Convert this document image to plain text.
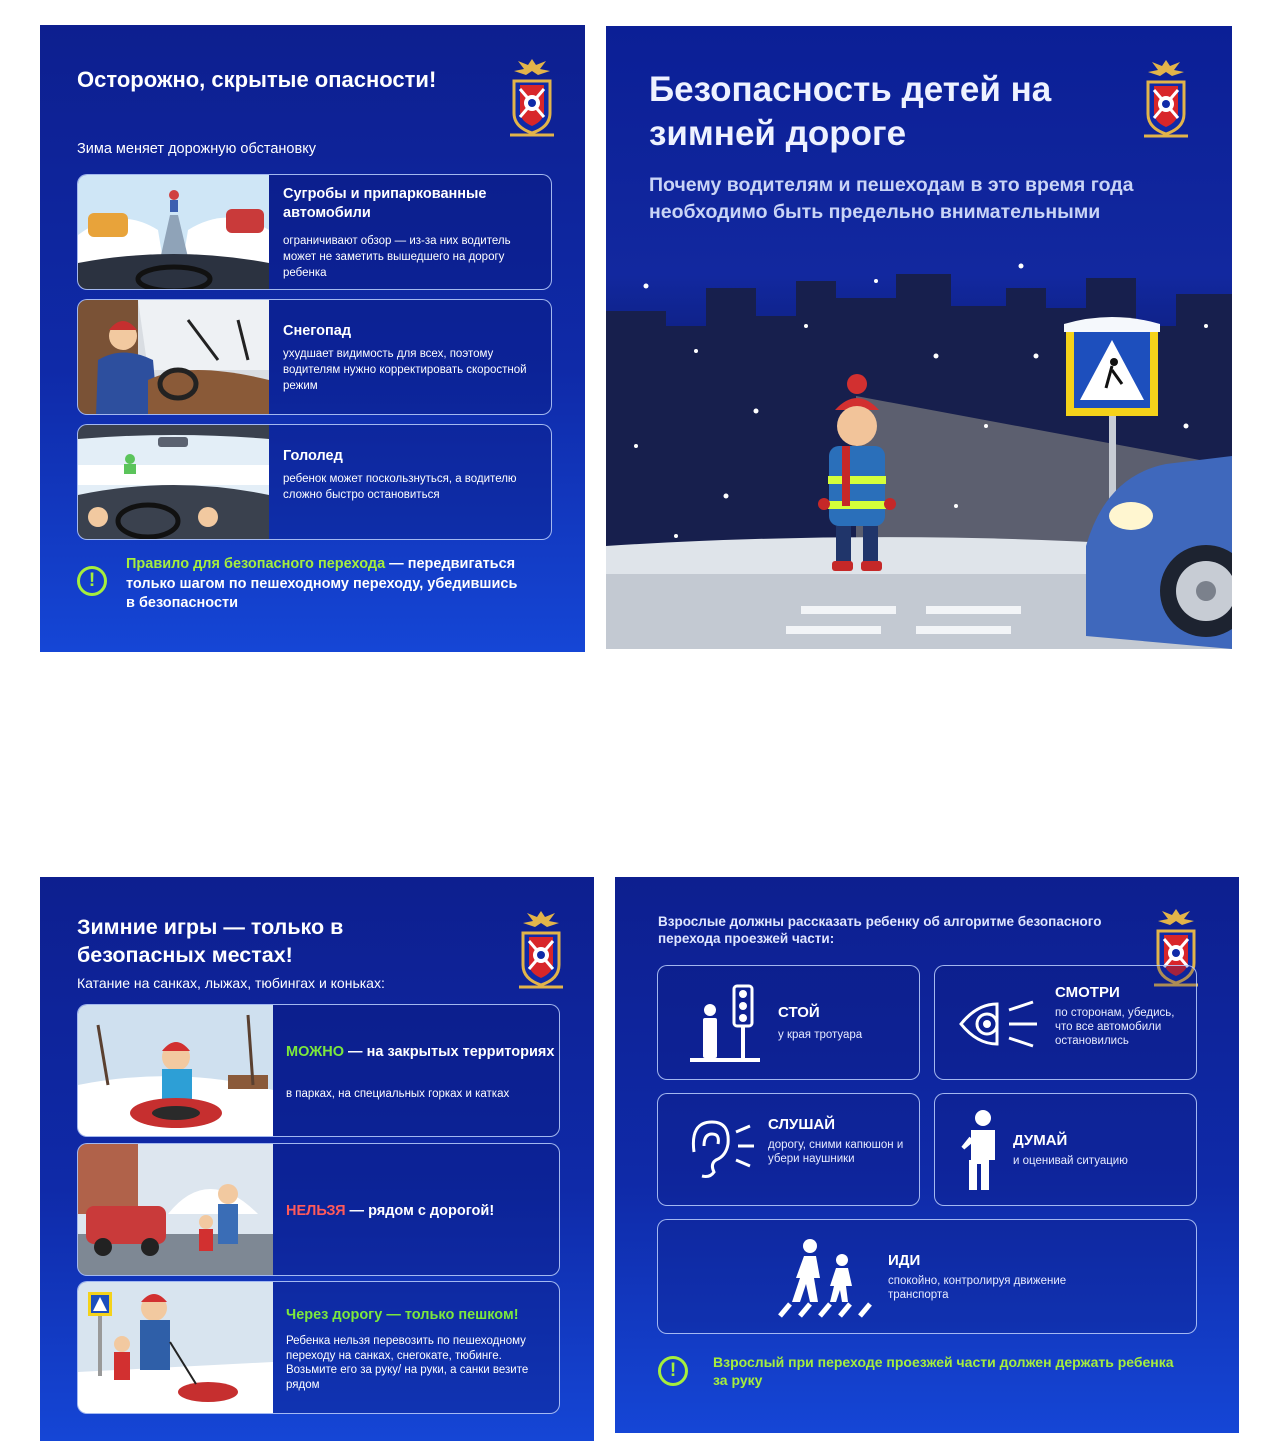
Осторожно, скрытые опасности!
Зима меняет дорожную обстановку
Сугробы и припаркованные автомобили
ограничивают обзор — из-за них водитель может не заметить вышедшего на дорогу ребенка
Снегопад
ухудшает видимость для всех, поэтому водителям нужно корректировать скоростной режим
Гололед
ребенок может поскользнуться, а водителю сложно быстро остановиться
!
Правило для безопасного перехода — передвигаться только шагом по пешеходному переходу, убедившись в безопасности
Безопасность детей на зимней дороге
Почему водителям и пешеходам в это время года необходимо быть предельно внимательными
Зимние игры — только в безопасных местах!
Катание на санках, лыжах, тюбингах и коньках:
МОЖНО — на закрытых территориях
в парках, на специальных горках и катках
НЕЛЬЗЯ — рядом с дорогой!
Через дорогу — только пешком!
Ребенка нельзя перевозить по пешеходному переходу на санках, снегокате, тюбинге. Возьмите его за руку/ на руки, а санки везите рядом
Взрослые должны рассказать ребенку об алгоритме безопасного перехода проезжей части:
СТОЙ
у края тротуара
СМОТРИ
по сторонам, убедись, что все автомобили остановились
СЛУШАЙ
дорогу, сними капюшон и убери наушники
ДУМАЙ
и оценивай ситуацию
ИДИ
спокойно, контролируя движение транспорта
!	Взрослый при переходе проезжей части должен держать ребенка за руку
